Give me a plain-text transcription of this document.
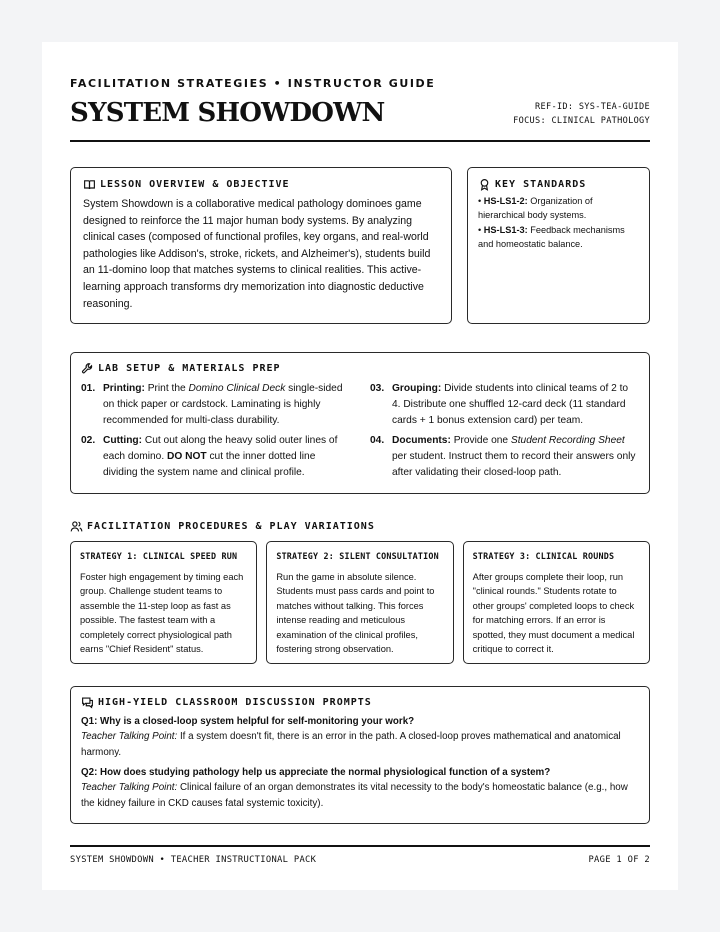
FACILITATION STRATEGIES • INSTRUCTOR GUIDE
SYSTEM SHOWDOWN	REF-ID: SYS-TEA-GUIDE
FOCUS: CLINICAL PATHOLOGY
LESSON OVERVIEW & OBJECTIVE

System Showdown is a collaborative medical pathology dominoes game designed to reinforce the 11 major human body systems. By analyzing clinical cases (composed of functional profiles, key organs, and real-world pathologies like Addison's, stroke, rickets, and Alzheimer's), students build an 11-domino loop that matches systems to clinical realities. This active-learning approach transforms dry memorization into diagnostic deductive reasoning.

KEY STANDARDS
• HS-LS1-2: Organization of hierarchical body systems.
• HS-LS1-3: Feedback mechanisms and homeostatic balance.
LAB SETUP & MATERIALS PREP
01. Printing: Print the Domino Clinical Deck single-sided on thick paper or cardstock. Laminating is highly recommended for multi-class durability.
02. Cutting: Cut out along the heavy solid outer lines of each domino. DO NOT cut the inner dotted line dividing the system name and clinical profile.
03. Grouping: Divide students into clinical teams of 2 to 4. Distribute one shuffled 12-card deck (11 standard cards + 1 bonus extension card) per team.
04. Documents: Provide one Student Recording Sheet per student. Instruct them to record their answers only after validating their closed-loop path.
FACILITATION PROCEDURES & PLAY VARIATIONS
STRATEGY 1: CLINICAL SPEED RUN

Foster high engagement by timing each group. Challenge student teams to assemble the 11-step loop as fast as possible. The fastest team with a completely correct physiological path earns "Chief Resident" status.

STRATEGY 2: SILENT CONSULTATION

Run the game in absolute silence. Students must pass cards and point to matches without talking. This forces intense reading and meticulous examination of the clinical profiles, fostering strong observation.

STRATEGY 3: CLINICAL ROUNDS

After groups complete their loop, run "clinical rounds." Students rotate to other groups' completed loops to check for matching errors. If an error is spotted, they must document a medical critique to correct it.

HIGH-YIELD CLASSROOM DISCUSSION PROMPTS
Q1: Why is a closed-loop system helpful for self-monitoring your work?
Teacher Talking Point: If a system doesn't fit, there is an error in the path. A closed-loop proves mathematical and anatomical harmony.
Q2: How does studying pathology help us appreciate the normal physiological function of a system?
Teacher Talking Point: Clinical failure of an organ demonstrates its vital necessity to the body's homeostatic balance (e.g., how the kidney failure in CKD causes fatal systemic toxicity).
SYSTEM SHOWDOWN • TEACHER INSTRUCTIONAL PACK	PAGE 1 OF 2
